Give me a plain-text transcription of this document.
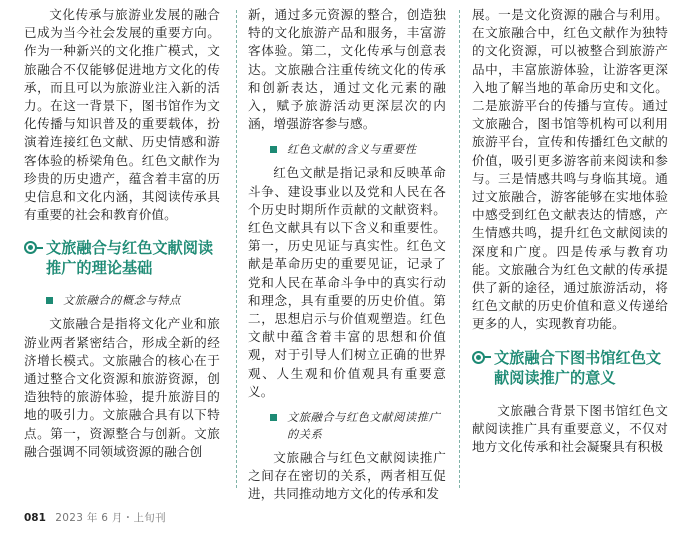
文化传承与旅游业发展的融合已成为当今社会发展的重要方向。作为一种新兴的文化推广模式，文旅融合不仅能够促进地方文化的传承，而且可以为旅游业注入新的活力。在这一背景下，图书馆作为文化传播与知识普及的重要载体，扮演着连接红色文献、历史情感和游客体验的桥梁角色。红色文献作为珍贵的历史遗产，蕴含着丰富的历史信息和文化内涵，其阅读传承具有重要的社会和教育价值。

文旅融合与红色文献阅读推广的理论基础
文旅融合的概念与特点

文旅融合是指将文化产业和旅游业两者紧密结合，形成全新的经济增长模式。文旅融合的核心在于通过整合文化资源和旅游资源，创造独特的旅游体验，提升旅游目的地的吸引力。文旅融合具有以下特点。第一，资源整合与创新。文旅融合强调不同领域资源的融合创

新，通过多元资源的整合，创造独特的文化旅游产品和服务，丰富游客体验。第二，文化传承与创意表达。文旅融合注重传统文化的传承和创新表达，通过文化元素的融入，赋予旅游活动更深层次的内涵，增强游客参与感。

红色文献的含义与重要性

红色文献是指记录和反映革命斗争、建设事业以及党和人民在各个历史时期所作贡献的文献资料。红色文献具有以下含义和重要性。第一，历史见证与真实性。红色文献是革命历史的重要见证，记录了党和人民在革命斗争中的真实行动和理念，具有重要的历史价值。第二，思想启示与价值观塑造。红色文献中蕴含着丰富的思想和价值观，对于引导人们树立正确的世界观、人生观和价值观具有重要意义。

文旅融合与红色文献阅读推广的关系

文旅融合与红色文献阅读推广之间存在密切的关系，两者相互促进，共同推动地方文化的传承和发

展。一是文化资源的融合与利用。在文旅融合中，红色文献作为独特的文化资源，可以被整合到旅游产品中，丰富旅游体验，让游客更深入地了解当地的革命历史和文化。二是旅游平台的传播与宣传。通过文旅融合，图书馆等机构可以利用旅游平台，宣传和传播红色文献的价值，吸引更多游客前来阅读和参与。三是情感共鸣与身临其境。通过文旅融合，游客能够在实地体验中感受到红色文献表达的情感，产生情感共鸣，提升红色文献阅读的深度和广度。四是传承与教育功能。文旅融合为红色文献的传承提供了新的途径，通过旅游活动，将红色文献的历史价值和意义传递给更多的人，实现教育功能。

文旅融合下图书馆红色文献阅读推广的意义

文旅融合背景下图书馆红色文献阅读推广具有重要意义，不仅对地方文化传承和社会凝聚具有积极

081 2023 年 6 月・上旬刊
